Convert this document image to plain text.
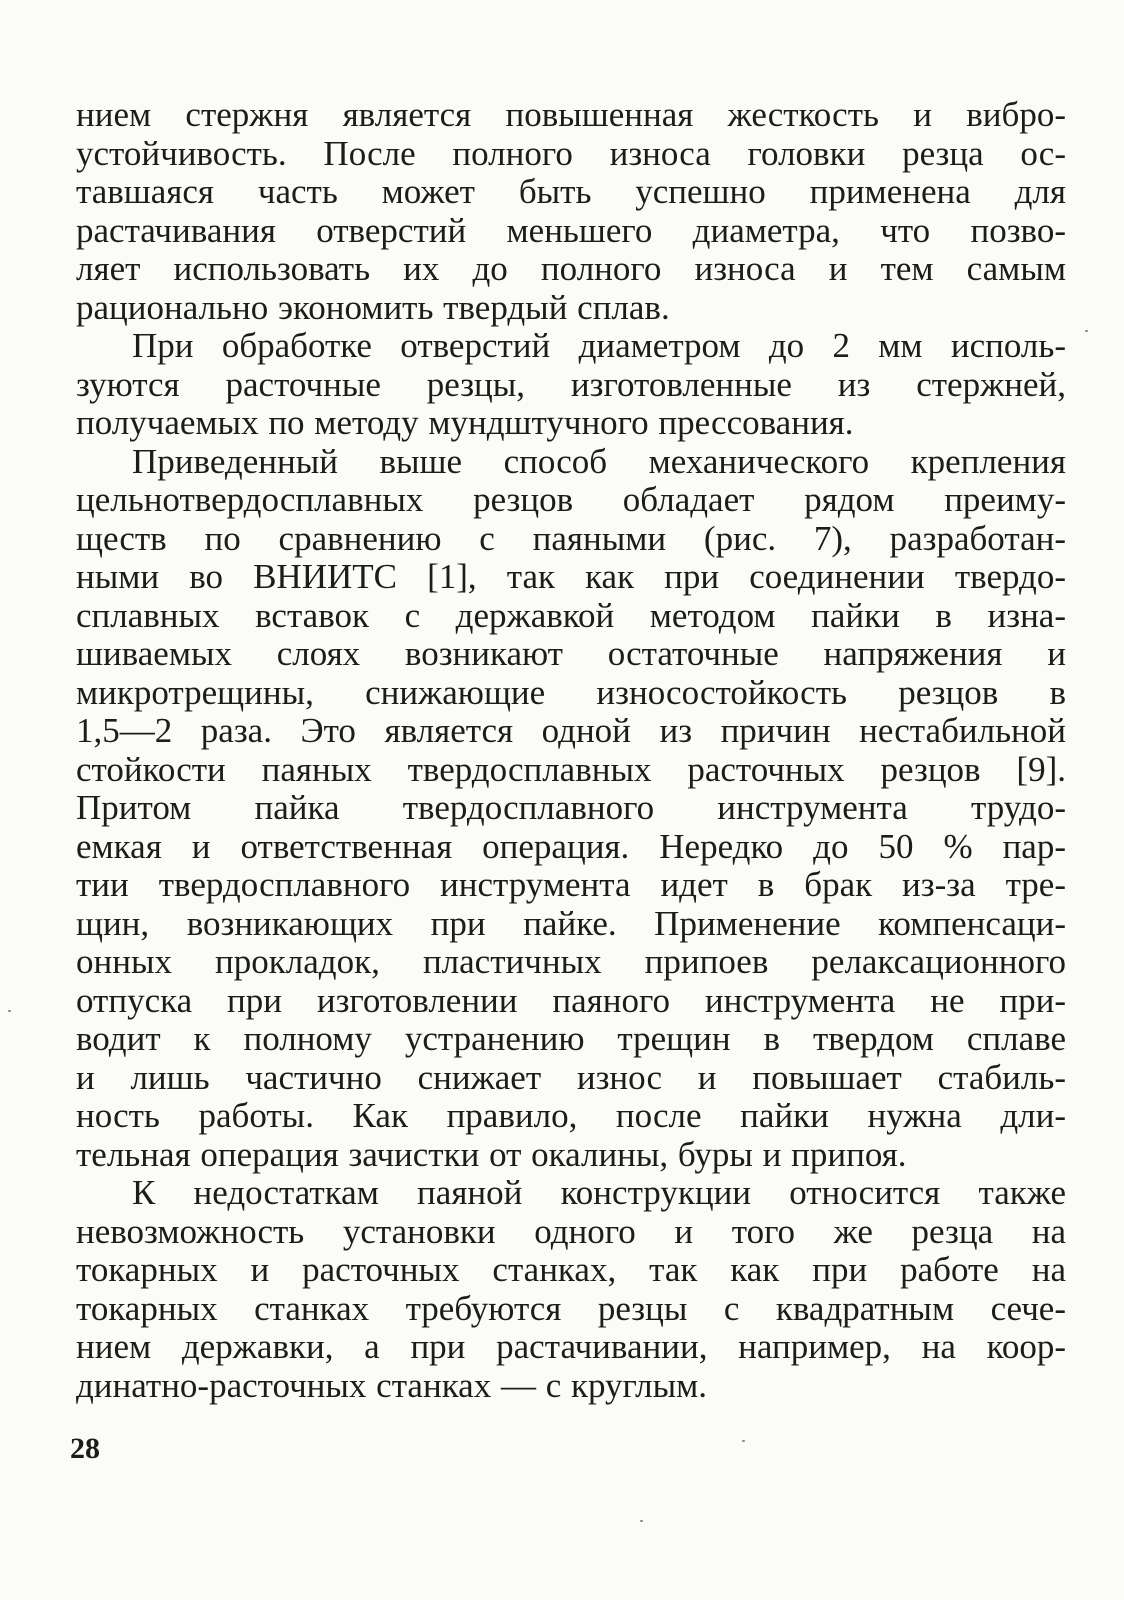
нием стержня является повышенная жесткость и вибро-
устойчивость. После полного износа головки резца ос-
тавшаяся часть может быть успешно применена для
растачивания отверстий меньшего диаметра, что позво-
ляет использовать их до полного износа и тем самым
рационально экономить твердый сплав.

При обработке отверстий диаметром до 2 мм исполь-
зуются расточные резцы, изготовленные из стержней,
получаемых по методу мундштучного прессования.

Приведенный выше способ механического крепления
цельнотвердосплавных резцов обладает рядом преиму-
ществ по сравнению с паяными (рис. 7), разработан-
ными во ВНИИТС [1], так как при соединении твердо-
сплавных вставок с державкой методом пайки в изна-
шиваемых слоях возникают остаточные напряжения и
микротрещины, снижающие износостойкость резцов в
1,5—2 раза. Это является одной из причин нестабильной
стойкости паяных твердосплавных расточных резцов [9].
Притом пайка твердосплавного инструмента трудо-
емкая и ответственная операция. Нередко до 50 % пар-
тии твердосплавного инструмента идет в брак из-за тре-
щин, возникающих при пайке. Применение компенсаци-
онных прокладок, пластичных припоев релаксационного
отпуска при изготовлении паяного инструмента не при-
водит к полному устранению трещин в твердом сплаве
и лишь частично снижает износ и повышает стабиль-
ность работы. Как правило, после пайки нужна дли-
тельная операция зачистки от окалины, буры и припоя.

К недостаткам паяной конструкции относится также
невозможность установки одного и того же резца на
токарных и расточных станках, так как при работе на
токарных станках требуются резцы с квадратным сече-
нием державки, а при растачивании, например, на коор-
динатно-расточных станках — с круглым.

28
